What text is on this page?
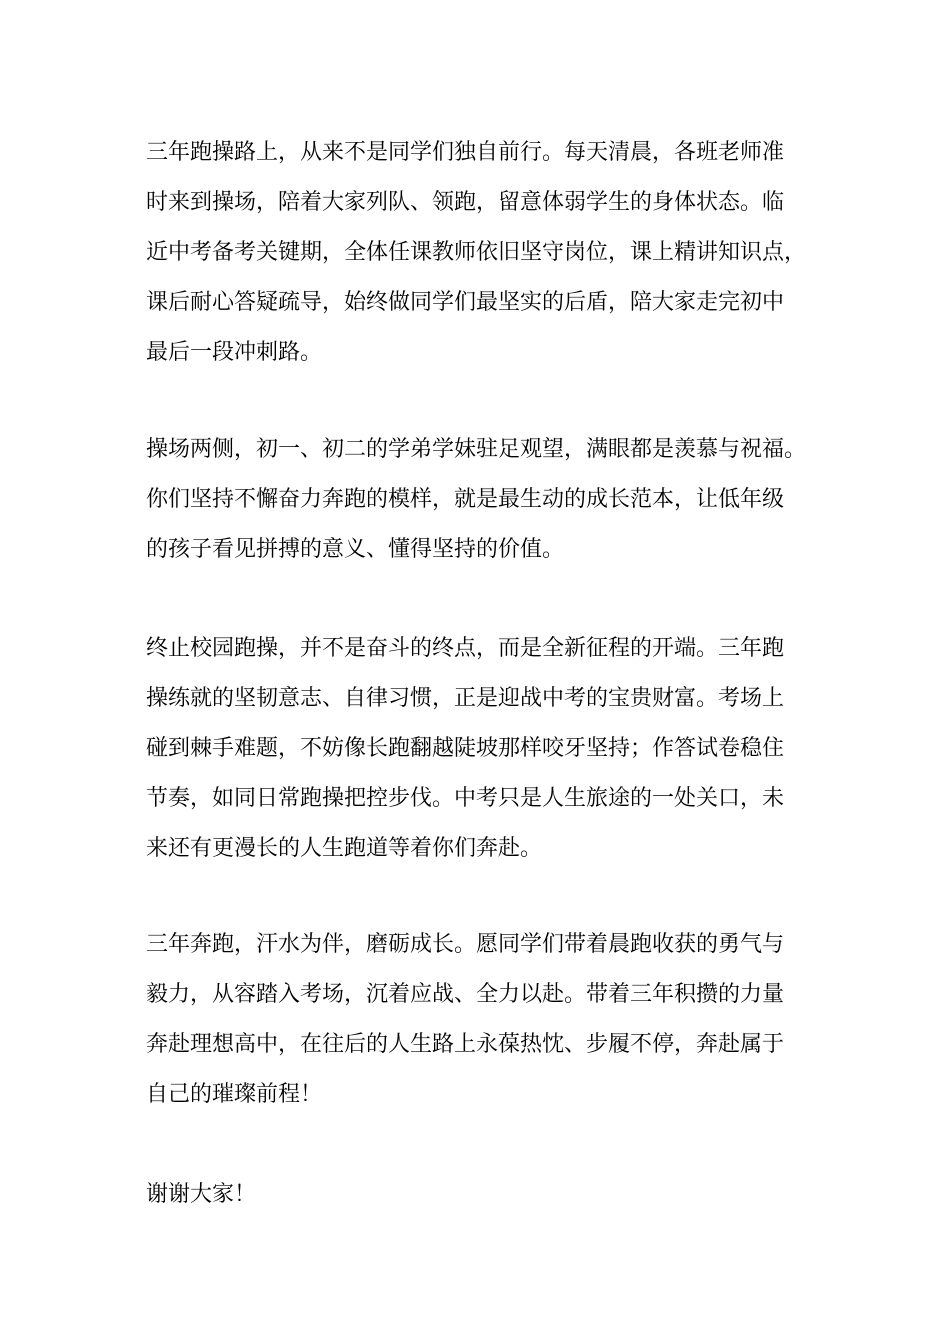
三年跑操路上，从来不是同学们独自前行。每天清晨，各班老师准
时来到操场，陪着大家列队、领跑，留意体弱学生的身体状态。临
近中考备考关键期，全体任课教师依旧坚守岗位，课上精讲知识点，
课后耐心答疑疏导，始终做同学们最坚实的后盾，陪大家走完初中
最后一段冲刺路。

操场两侧，初一、初二的学弟学妹驻足观望，满眼都是羡慕与祝福。
你们坚持不懈奋力奔跑的模样，就是最生动的成长范本，让低年级
的孩子看见拼搏的意义、懂得坚持的价值。

终止校园跑操，并不是奋斗的终点，而是全新征程的开端。三年跑
操练就的坚韧意志、自律习惯，正是迎战中考的宝贵财富。考场上
碰到棘手难题，不妨像长跑翻越陡坡那样咬牙坚持；作答试卷稳住
节奏，如同日常跑操把控步伐。中考只是人生旅途的一处关口，未
来还有更漫长的人生跑道等着你们奔赴。

三年奔跑，汗水为伴，磨砺成长。愿同学们带着晨跑收获的勇气与
毅力，从容踏入考场，沉着应战、全力以赴。带着三年积攒的力量
奔赴理想高中，在往后的人生路上永葆热忱、步履不停，奔赴属于
自己的璀璨前程！

谢谢大家！
